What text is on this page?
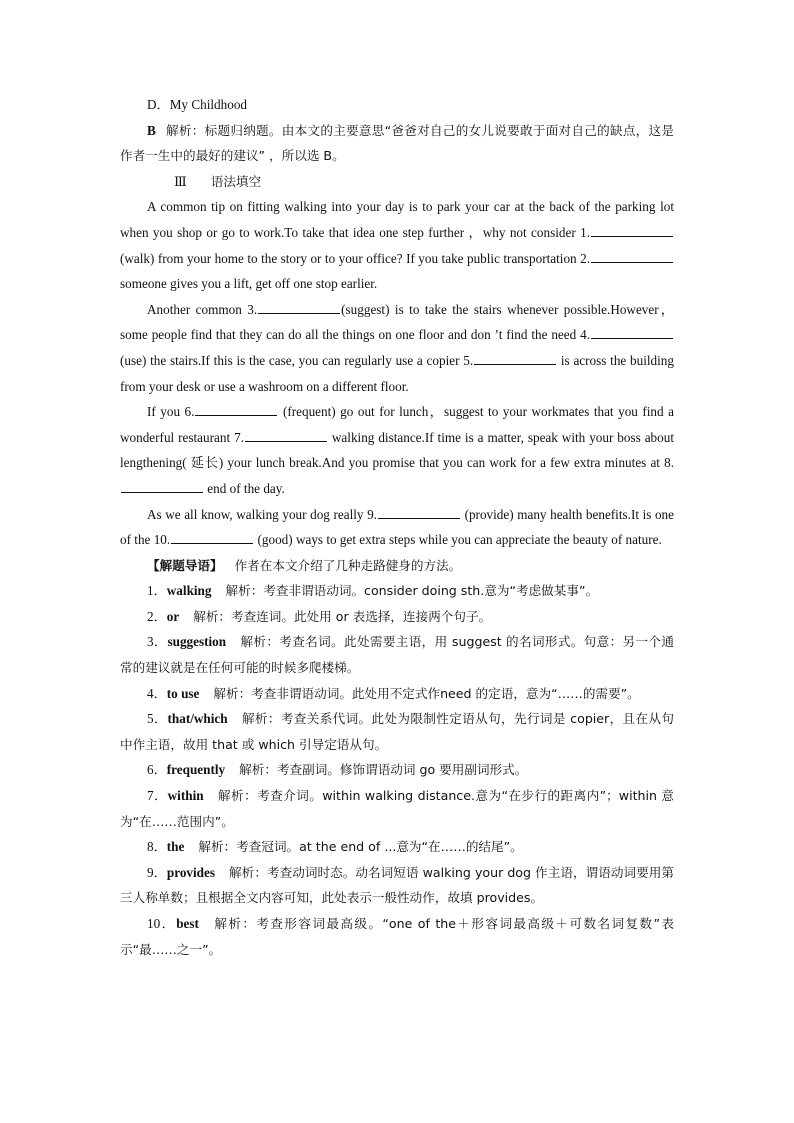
D．My Childhood

B 解析：标题归纳题。由本文的主要意思“爸爸对自己的女儿说要敢于面对自己的缺点，这是作者一生中的最好的建议” ，所以选 B。

Ⅲ 语法填空

A common tip on fitting walking into your day is to park your car at the back of the parking lot when you shop or go to work.To take that idea one step further ，why not consider 1.(walk) from your home to the story or to your office? If you take public transportation 2. someone gives you a lift, get off one stop earlier.

Another common 3.	(suggest) is to take the stairs whenever possible.However，some people find that they can do all the things on one floor and don ’t find the need 4.(use) the stairs.If this is the case, you can regularly use a copier 5.	is across the building from your desk or use a washroom on a different floor.

If you 6.	(frequent) go out for lunch，suggest to your workmates that you find a wonderful restaurant 7.	walking distance.If time is a matter, speak with your boss about lengthening( 延长) your lunch break.And you promise that you can work for a few extra minutes at 8. end of the day.

As we all know, walking your dog really 9.	(provide) many health benefits.It is one of the 10.	(good) ways to get extra steps while you can appreciate the beauty of nature.

【解题导语】 作者在本文介绍了几种走路健身的方法。

1．walking 解析：考查非谓语动词。consider doing sth.意为“考虑做某事”。

2．or 解析：考查连词。此处用 or 表选择，连接两个句子。

3．suggestion 解析：考查名词。此处需要主语，用 suggest 的名词形式。句意：另一个通常的建议就是在任何可能的时候多爬楼梯。

4．to use 解析：考查非谓语动词。此处用不定式作need 的定语，意为“……的需要”。

5．that/which 解析：考查关系代词。此处为限制性定语从句，先行词是 copier，且在从句中作主语，故用 that 或 which 引导定语从句。

6．frequently 解析：考查副词。修饰谓语动词 go 要用副词形式。

7．within 解析：考查介词。within walking distance.意为“在步行的距离内”；within 意为“在……范围内”。

8．the 解析：考查冠词。at the end of ...意为“在……的结尾”。

9．provides 解析：考查动词时态。动名词短语 walking your dog 作主语，谓语动词要用第三人称单数；且根据全文内容可知，此处表示一般性动作，故填 provides。

10．best 解析：考查形容词最高级。“one of the＋形容词最高级＋可数名词复数”表示“最……之一”。
